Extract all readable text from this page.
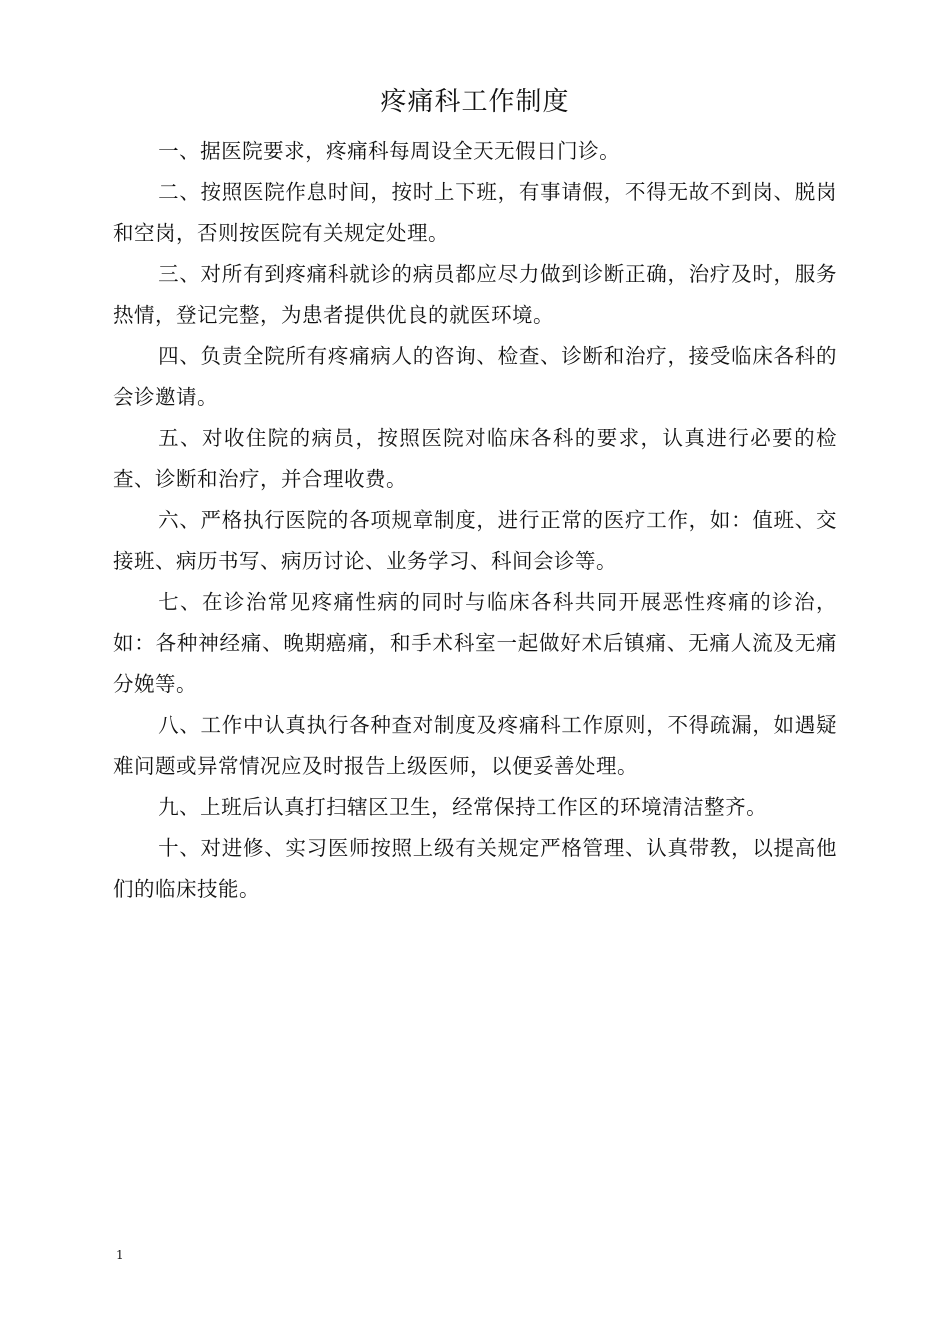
疼痛科工作制度

一、据医院要求，疼痛科每周设全天无假日门诊。

二、按照医院作息时间，按时上下班，有事请假，不得无故不到岗、脱岗和空岗，否则按医院有关规定处理。

三、对所有到疼痛科就诊的病员都应尽力做到诊断正确，治疗及时，服务热情，登记完整，为患者提供优良的就医环境。

四、负责全院所有疼痛病人的咨询、检查、诊断和治疗，接受临床各科的会诊邀请。

五、对收住院的病员，按照医院对临床各科的要求，认真进行必要的检查、诊断和治疗，并合理收费。

六、严格执行医院的各项规章制度，进行正常的医疗工作，如：值班、交接班、病历书写、病历讨论、业务学习、科间会诊等。

七、在诊治常见疼痛性病的同时与临床各科共同开展恶性疼痛的诊治，如：各种神经痛、晚期癌痛，和手术科室一起做好术后镇痛、无痛人流及无痛分娩等。

八、工作中认真执行各种查对制度及疼痛科工作原则，不得疏漏，如遇疑难问题或异常情况应及时报告上级医师，以便妥善处理。

九、上班后认真打扫辖区卫生，经常保持工作区的环境清洁整齐。

十、对进修、实习医师按照上级有关规定严格管理、认真带教，以提高他们的临床技能。

1
